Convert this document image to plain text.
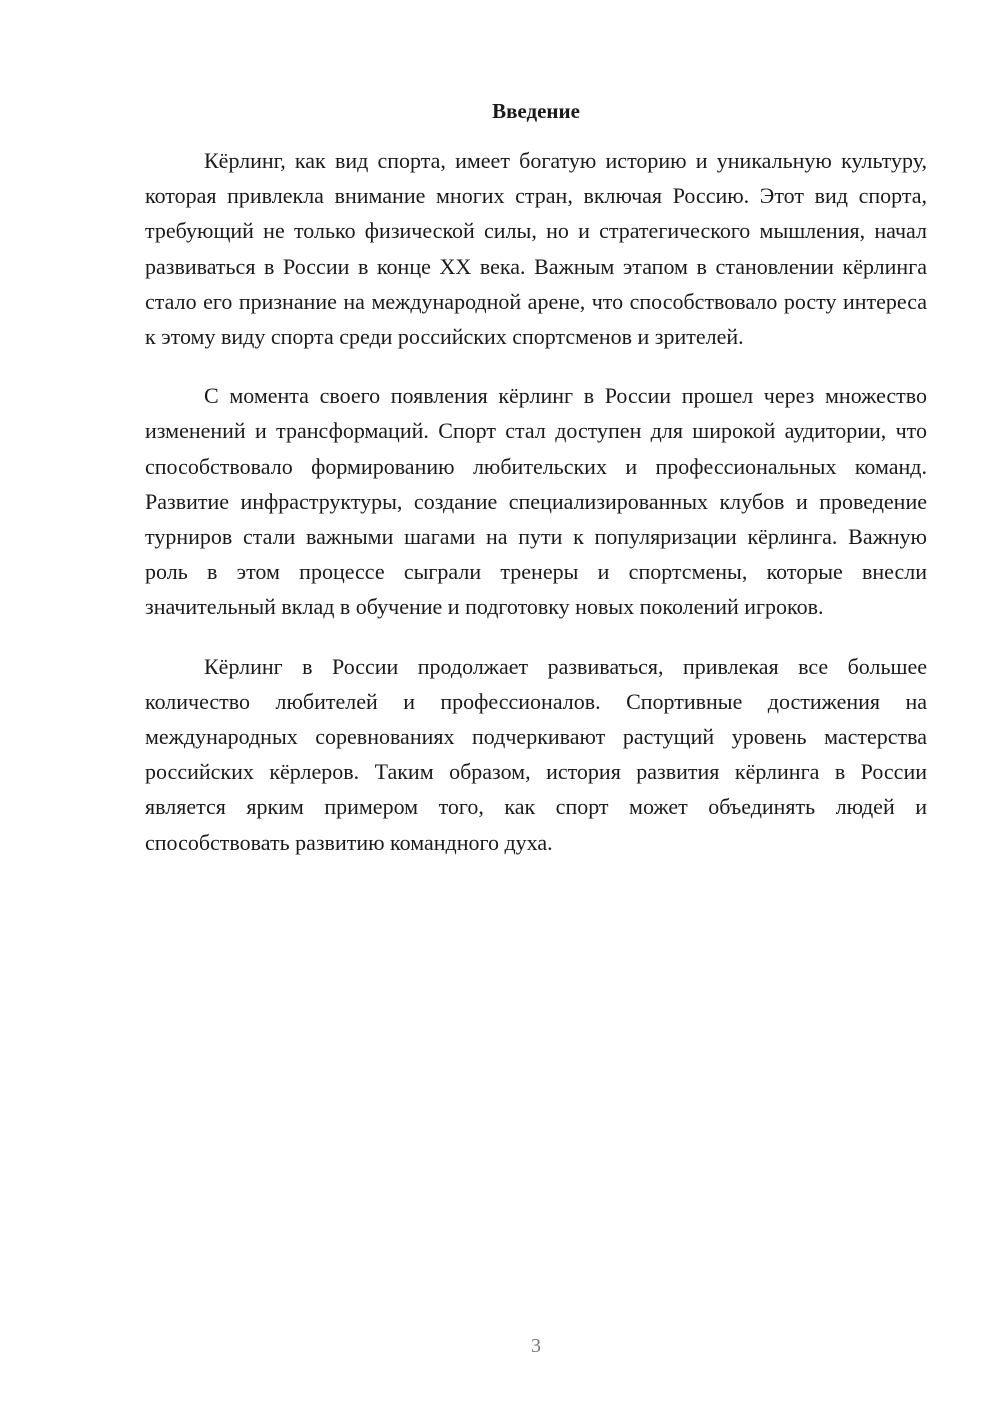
Введение

Кёрлинг, как вид спорта, имеет богатую историю и уникальную культуру, которая привлекла внимание многих стран, включая Россию. Этот вид спорта, требующий не только физической силы, но и стратегического мышления, начал развиваться в России в конце XX века. Важным этапом в становлении кёрлинга стало его признание на международной арене, что способствовало росту интереса к этому виду спорта среди российских спортсменов и зрителей.

С момента своего появления кёрлинг в России прошел через множество изменений и трансформаций. Спорт стал доступен для широкой аудитории, что способствовало формированию любительских и профессиональных команд. Развитие инфраструктуры, создание специализированных клубов и проведение турниров стали важными шагами на пути к популяризации кёрлинга. Важную роль в этом процессе сыграли тренеры и спортсмены, которые внесли значительный вклад в обучение и подготовку новых поколений игроков.

Кёрлинг в России продолжает развиваться, привлекая все большее количество любителей и профессионалов. Спортивные достижения на международных соревнованиях подчеркивают растущий уровень мастерства российских кёрлеров. Таким образом, история развития кёрлинга в России является ярким примером того, как спорт может объединять людей и способствовать развитию командного духа.

3
